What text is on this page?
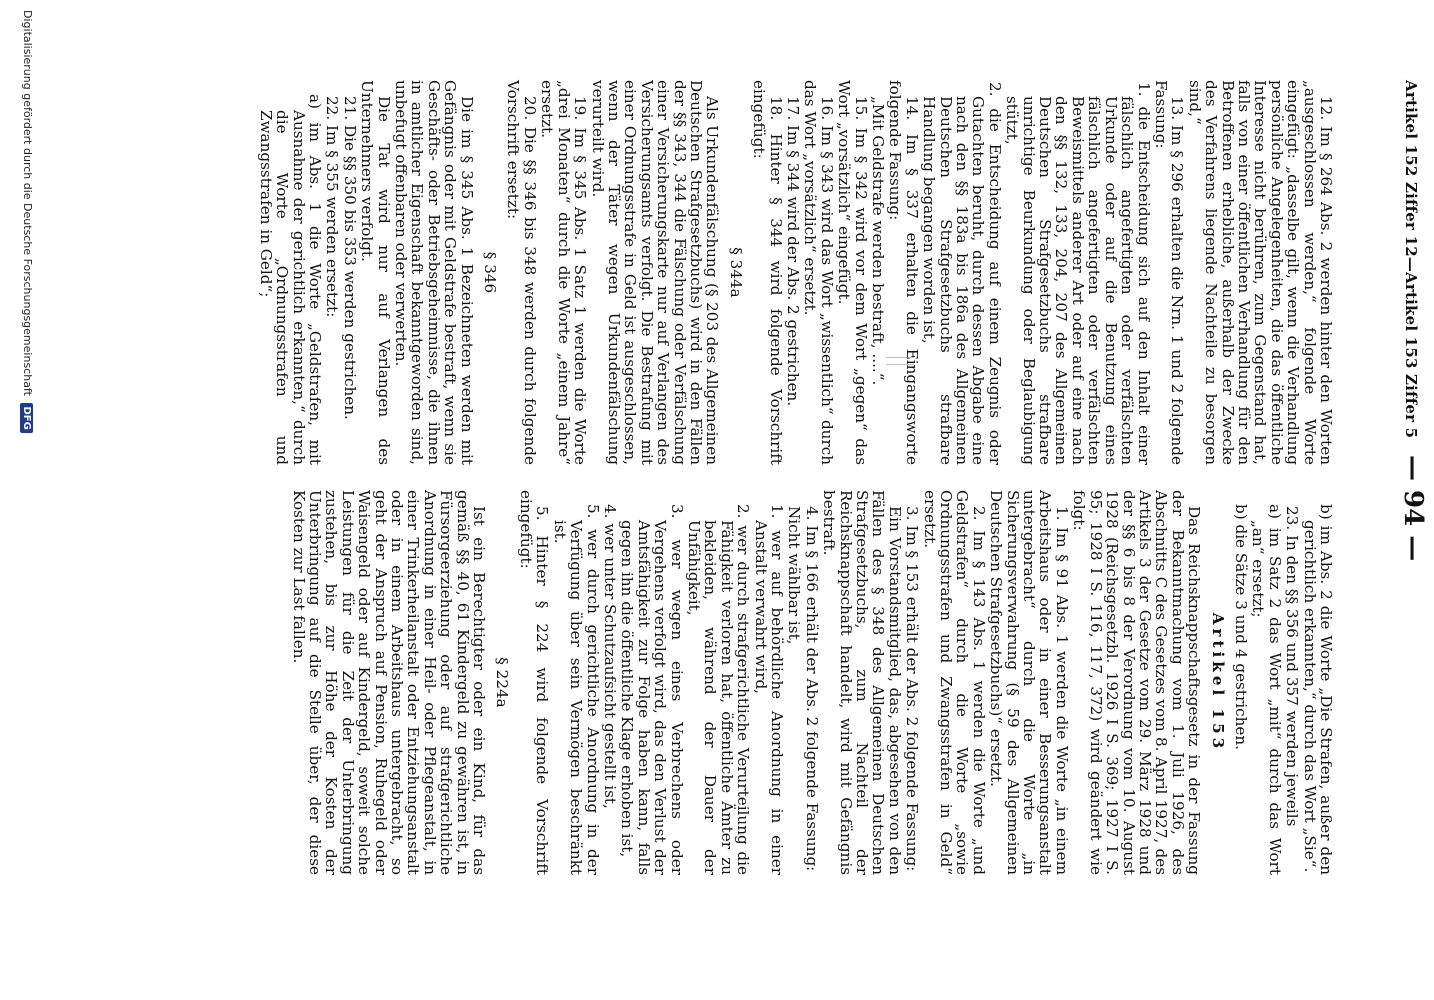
Artikel 152 Ziffer 12—Artikel 153 Ziffer 5
— 94 —

12. Im § 264 Abs. 2 werden hinter den Worten „ausgeschlossen werden,“ folgende Worte eingefügt: „dasselbe gilt, wenn die Verhandlung persönliche Angelegenheiten, die das öffentliche Interesse nicht berühren, zum Gegenstand hat, falls von einer öffentlichen Verhandlung für den Betroffenen erhebliche, außerhalb der Zwecke des Verfahrens liegende Nachteile zu besorgen sind,“

13. Im § 296 erhalten die Nrn. 1 und 2 folgende Fassung:

1. die Entscheidung sich auf den Inhalt einer fälschlich angefertigten oder verfälschten Urkunde oder auf die Benutzung eines fälschlich angefertigten oder verfälschten Beweismittels anderer Art oder auf eine nach den §§ 132, 133, 204, 207 des Allgemeinen Deutschen Strafgesetzbuchs strafbare unrichtige Beurkundung oder Beglaubigung stützt,

2. die Entscheidung auf einem Zeugnis oder Gutachten beruht, durch dessen Abgabe eine nach den §§ 183a bis 186a des Allgemeinen Deutschen Strafgesetzbuchs strafbare Handlung begangen worden ist,

14. Im § 337 erhalten die Eingangsworte folgende Fassung:

„Mit Geldstrafe werden bestraft, ....“.

15. Im § 342 wird vor dem Wort „gegen“ das Wort „vorsätzlich“ eingefügt.

16. Im § 343 wird das Wort „wissentlich“ durch das Wort „vorsätzlich“ ersetzt.

17. Im § 344 wird der Abs. 2 gestrichen.

18. Hinter § 344 wird folgende Vorschrift eingefügt:

§ 344a

Als Urkundenfälschung (§ 203 des Allgemeinen Deutschen Strafgesetzbuchs) wird in den Fällen der §§ 343, 344 die Fälschung oder Verfälschung einer Versicherungskarte nur auf Verlangen des Versicherungsamts verfolgt. Die Bestrafung mit einer Ordnungsstrafe in Geld ist ausgeschlossen, wenn der Täter wegen Urkundenfälschung verurteilt wird.

19. Im § 345 Abs. 1 Satz 1 werden die Worte „drei Monaten“ durch die Worte „einem Jahre“ ersetzt.

20. Die §§ 346 bis 348 werden durch folgende Vorschrift ersetzt:

§ 346

Die im § 345 Abs. 1 Bezeichneten werden mit Gefängnis oder mit Geldstrafe bestraft, wenn sie Geschäfts- oder Betriebsgeheimnisse, die ihnen in amtlicher Eigenschaft bekanntgeworden sind, unbefugt offenbaren oder verwerten.

Die Tat wird nur auf Verlangen des Unternehmers verfolgt.

21. Die §§ 350 bis 353 werden gestrichen.

22. Im § 355 werden ersetzt:

a) im Abs. 1 die Worte „Geldstrafen, mit Ausnahme der gerichtlich erkannten,“ durch die Worte „Ordnungsstrafen und Zwangsstrafen in Geld“;

b) im Abs. 2 die Worte „Die Strafen, außer den gerichtlich erkannten,“ durch das Wort „Sie“.

23. In den §§ 356 und 357 werden jeweils

a) im Satz 2 das Wort „mit“ durch das Wort „an“ ersetzt;

b) die Sätze 3 und 4 gestrichen.

Artikel 153

Das Reichsknappschaftsgesetz in der Fassung der Bekanntmachung vom 1. Juli 1926, des Abschnitts C des Gesetzes vom 8. April 1927, des Artikels 3 der Gesetze vom 29. März 1928 und der §§ 6 bis 8 der Verordnung vom 10. August 1928 (Reichsgesetzbl. 1926 I S. 369; 1927 I S. 95; 1928 I S. 116, 117, 372) wird geändert wie folgt:

1. Im § 91 Abs. 1 werden die Worte „in einem Arbeitshaus oder in einer Besserungsanstalt untergebracht“ durch die Worte „in Sicherungsverwahrung (§ 59 des Allgemeinen Deutschen Strafgesetzbuchs)“ ersetzt.

2. Im § 143 Abs. 1 werden die Worte „und Geldstrafen“ durch die Worte „sowie Ordnungsstrafen und Zwangsstrafen in Geld“ ersetzt.

3. Im § 153 erhält der Abs. 2 folgende Fassung:

Ein Vorstandsmitglied, das, abgesehen von den Fällen des § 348 des Allgemeinen Deutschen Strafgesetzbuchs, zum Nachteil der Reichsknappschaft handelt, wird mit Gefängnis bestraft.

4. Im § 166 erhält der Abs. 2 folgende Fassung:

Nicht wählbar ist,

1. wer auf behördliche Anordnung in einer Anstalt verwahrt wird,

2. wer durch strafgerichtliche Verurteilung die Fähigkeit verloren hat, öffentliche Ämter zu bekleiden, während der Dauer der Unfähigkeit,

3. wer wegen eines Verbrechens oder Vergehens verfolgt wird, das den Verlust der Amtsfähigkeit zur Folge haben kann, falls gegen ihn die öffentliche Klage erhoben ist,

4. wer unter Schutzaufsicht gestellt ist,

5. wer durch gerichtliche Anordnung in der Verfügung über sein Vermögen beschränkt ist.

5. Hinter § 224 wird folgende Vorschrift eingefügt:

§ 224a

Ist ein Berechtigter oder ein Kind, für das gemäß §§ 40, 61 Kindergeld zu gewähren ist, in Fürsorgeerziehung oder auf strafgerichtliche Anordnung in einer Heil- oder Pflegeanstalt, in einer Trinkerheilanstalt oder Entziehungsanstalt oder in einem Arbeitshaus untergebracht, so geht der Anspruch auf Pension, Ruhegeld oder Waisengeld oder auf Kindergeld, soweit solche Leistungen für die Zeit der Unterbringung zustehen, bis zur Höhe der Kosten der Unterbringung auf die Stelle über, der diese Kosten zur Last fallen.

Digitalisierung gefördert durch die Deutsche Forschungsgemeinschaft DFG
